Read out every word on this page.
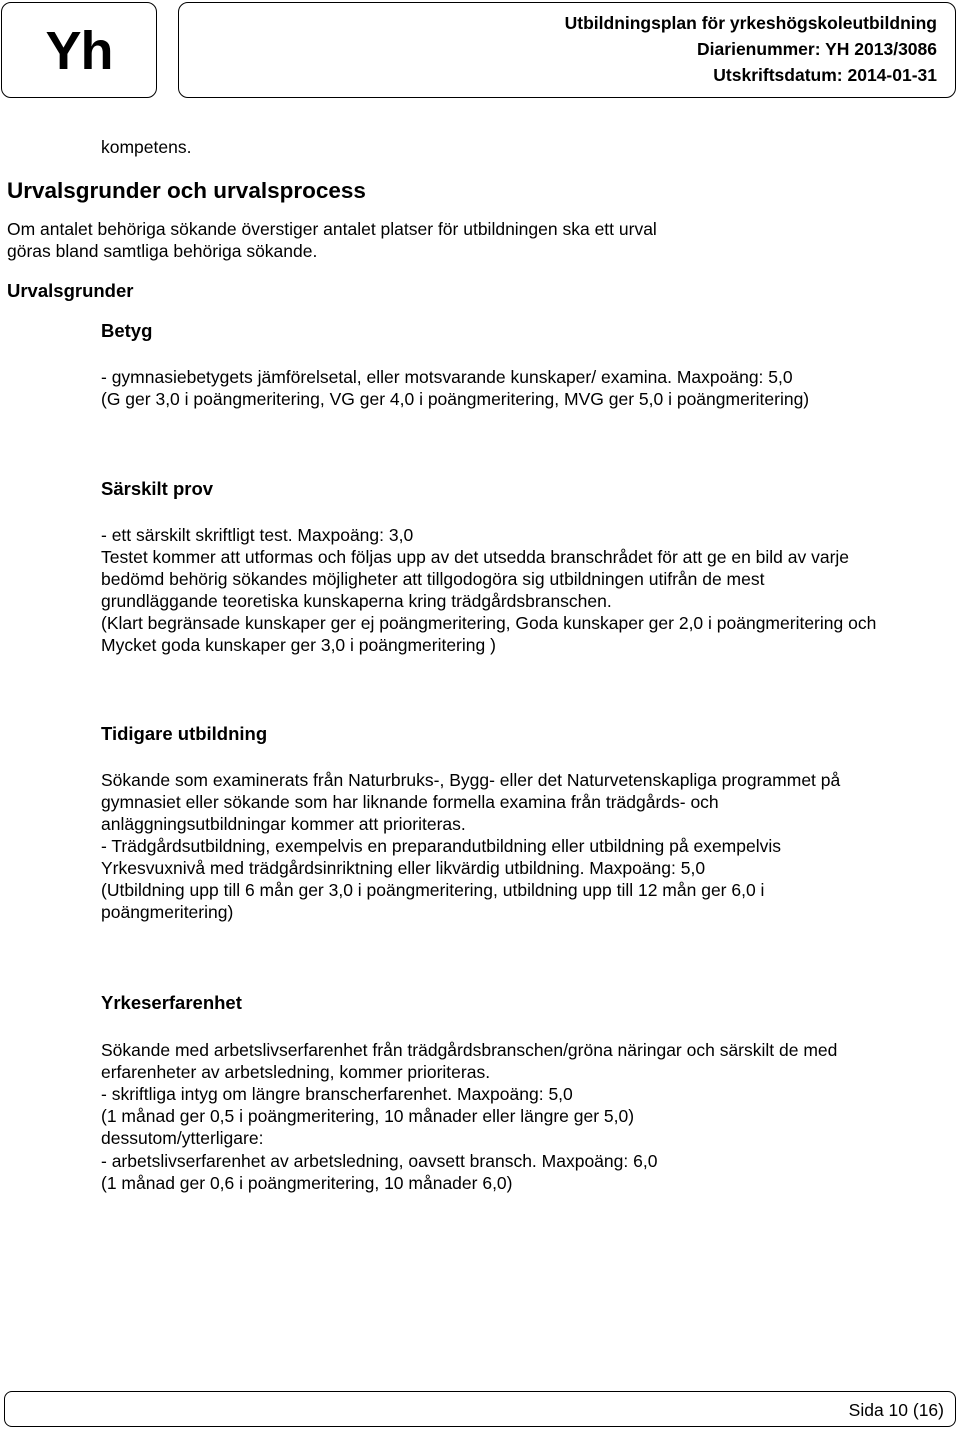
Yh	Utbildningsplan för yrkeshögskoleutbildning
Diarienummer: YH 2013/3086
Utskriftsdatum: 2014-01-31
kompetens.
Urvalsgrunder och urvalsprocess
Om antalet behöriga sökande överstiger antalet platser för utbildningen ska ett urval
göras bland samtliga behöriga sökande.
Urvalsgrunder
Betyg
- gymnasiebetygets jämförelsetal, eller motsvarande kunskaper/ examina. Maxpoäng: 5,0
(G ger 3,0 i poängmeritering, VG ger 4,0 i poängmeritering, MVG ger 5,0 i poängmeritering)
Särskilt prov
- ett särskilt skriftligt test. Maxpoäng: 3,0
Testet kommer att utformas och följas upp av det utsedda branschrådet för att ge en bild av varje
bedömd behörig sökandes möjligheter att tillgodogöra sig utbildningen utifrån de mest
grundläggande teoretiska kunskaperna kring trädgårdsbranschen.
(Klart begränsade kunskaper ger ej poängmeritering, Goda kunskaper ger 2,0 i poängmeritering och
Mycket goda kunskaper ger 3,0 i poängmeritering )
Tidigare utbildning
Sökande som examinerats från Naturbruks-, Bygg- eller det Naturvetenskapliga programmet på
gymnasiet eller sökande som har liknande formella examina från trädgårds- och
anläggningsutbildningar kommer att prioriteras.
- Trädgårdsutbildning, exempelvis en preparandutbildning eller utbildning på exempelvis
Yrkesvuxnivå med trädgårdsinriktning eller likvärdig utbildning. Maxpoäng: 5,0
(Utbildning upp till 6 mån ger 3,0 i poängmeritering, utbildning upp till 12 mån ger 6,0 i
poängmeritering)
Yrkeserfarenhet
Sökande med arbetslivserfarenhet från trädgårdsbranschen/gröna näringar och särskilt de med
erfarenheter av arbetsledning, kommer prioriteras.
- skriftliga intyg om längre branscherfarenhet. Maxpoäng: 5,0
(1 månad ger 0,5 i poängmeritering, 10 månader eller längre ger 5,0)
dessutom/ytterligare:
- arbetslivserfarenhet av arbetsledning, oavsett bransch. Maxpoäng: 6,0
(1 månad ger 0,6 i poängmeritering, 10 månader 6,0)
Sida 10 (16)
